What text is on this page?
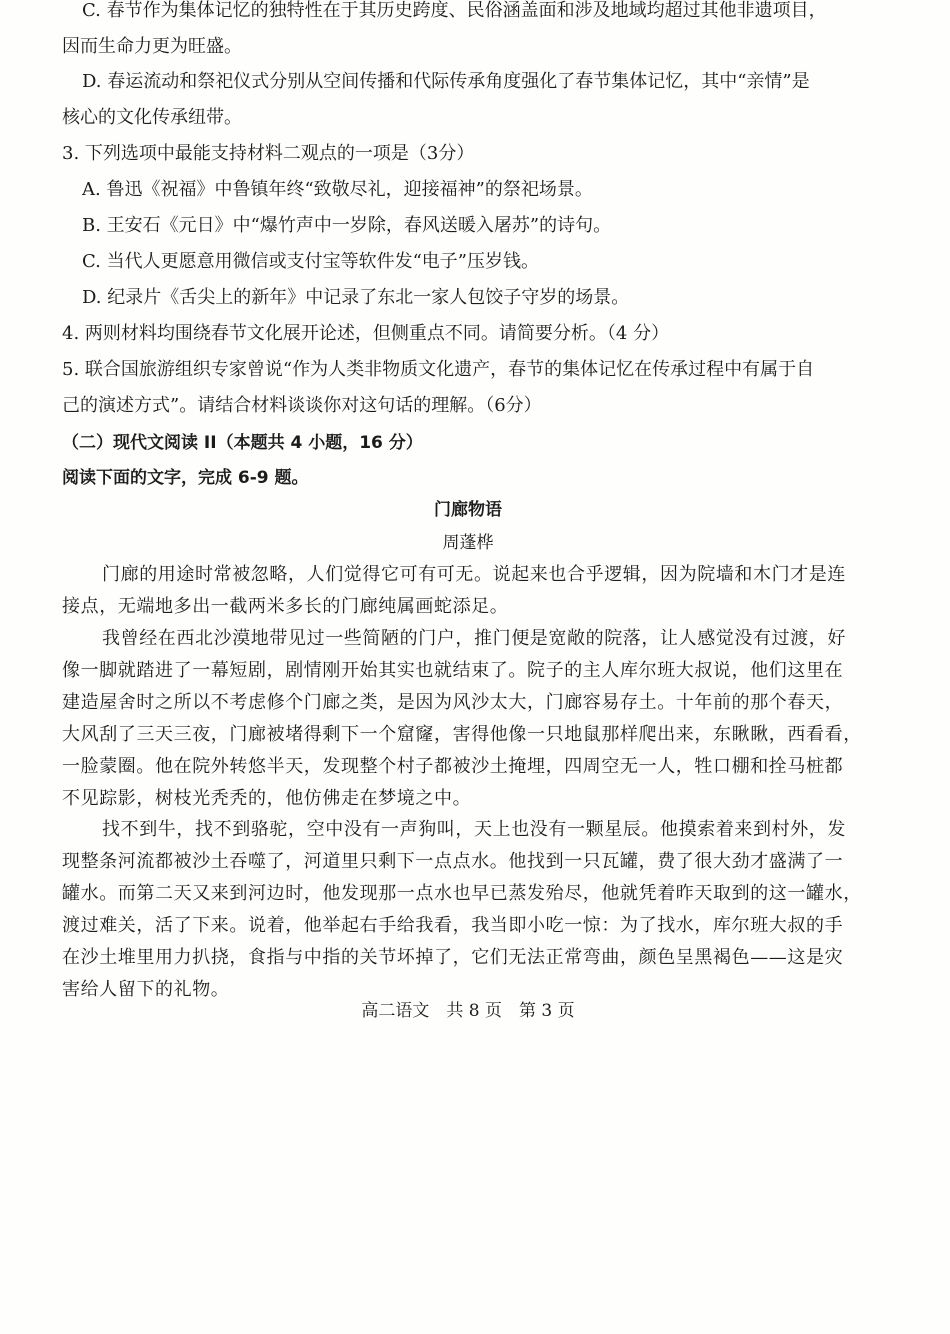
C. 春节作为集体记忆的独特性在于其历史跨度、民俗涵盖面和涉及地域均超过其他非遗项目，
因而生命力更为旺盛。
D. 春运流动和祭祀仪式分别从空间传播和代际传承角度强化了春节集体记忆，其中“亲情”是
核心的文化传承纽带。
3. 下列选项中最能支持材料二观点的一项是（3分）
A. 鲁迅《祝福》中鲁镇年终“致敬尽礼，迎接福神”的祭祀场景。
B. 王安石《元日》中“爆竹声中一岁除，春风送暖入屠苏”的诗句。
C. 当代人更愿意用微信或支付宝等软件发“电子”压岁钱。
D. 纪录片《舌尖上的新年》中记录了东北一家人包饺子守岁的场景。
4. 两则材料均围绕春节文化展开论述，但侧重点不同。请简要分析。（4 分）
5. 联合国旅游组织专家曾说“作为人类非物质文化遗产，春节的集体记忆在传承过程中有属于自
己的演述方式”。请结合材料谈谈你对这句话的理解。（6分）
（二）现代文阅读 II（本题共 4 小题，16 分）
阅读下面的文字，完成 6-9 题。
门廊物语
周蓬桦
门廊的用途时常被忽略，人们觉得它可有可无。说起来也合乎逻辑，因为院墙和木门才是连
接点，无端地多出一截两米多长的门廊纯属画蛇添足。
我曾经在西北沙漠地带见过一些简陋的门户，推门便是宽敞的院落，让人感觉没有过渡，好
像一脚就踏进了一幕短剧，剧情刚开始其实也就结束了。院子的主人库尔班大叔说，他们这里在
建造屋舍时之所以不考虑修个门廊之类，是因为风沙太大，门廊容易存土。十年前的那个春天，
大风刮了三天三夜，门廊被堵得剩下一个窟窿，害得他像一只地鼠那样爬出来，东瞅瞅，西看看，
一脸蒙圈。他在院外转悠半天，发现整个村子都被沙土掩埋，四周空无一人，牲口棚和拴马桩都
不见踪影，树枝光秃秃的，他仿佛走在梦境之中。
找不到牛，找不到骆驼，空中没有一声狗叫，天上也没有一颗星辰。他摸索着来到村外，发
现整条河流都被沙土吞噬了，河道里只剩下一点点水。他找到一只瓦罐，费了很大劲才盛满了一
罐水。而第二天又来到河边时，他发现那一点水也早已蒸发殆尽，他就凭着昨天取到的这一罐水，
渡过难关，活了下来。说着，他举起右手给我看，我当即小吃一惊：为了找水，库尔班大叔的手
在沙土堆里用力扒挠，食指与中指的关节坏掉了，它们无法正常弯曲，颜色呈黑褐色——这是灾
害给人留下的礼物。
高二语文　共 8 页　第 3 页
